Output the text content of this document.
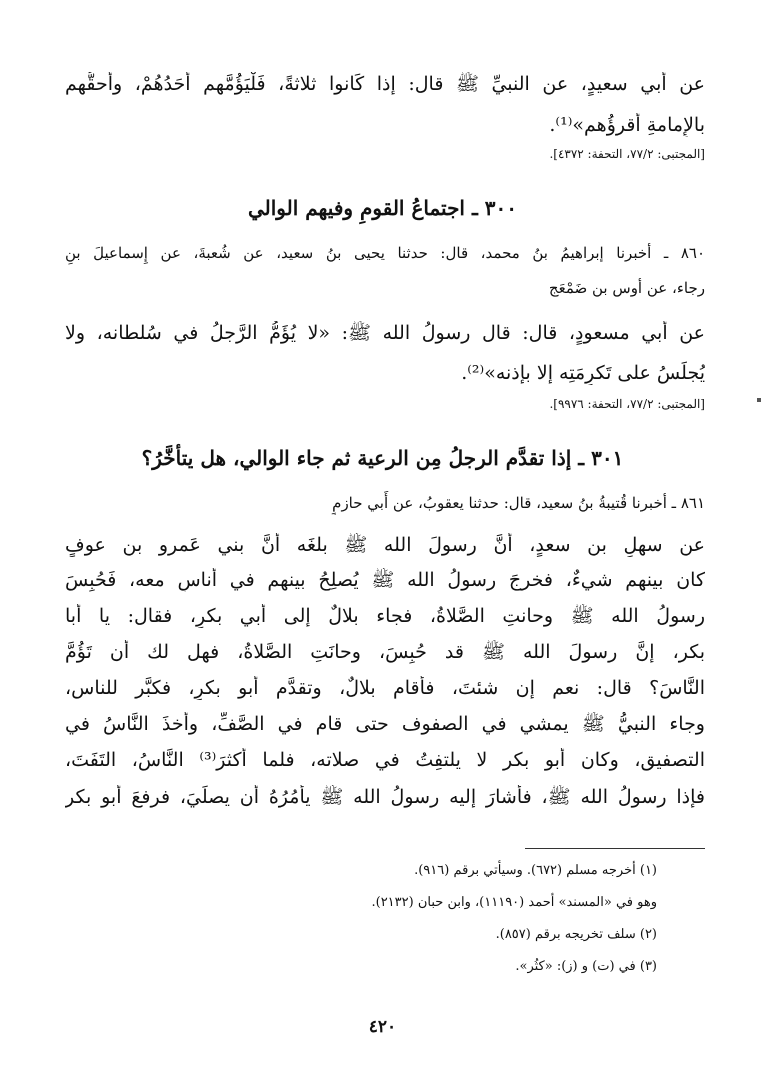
عن أَبي سعيدٍ، عن النبيِّ ﷺ قال: إذا كَانوا ثلاثةً، فَلْيَؤُمَّهم أَحَدُهُمْ، وأَحقُّهم
بالإِمامةِ أَقرؤُهم»⁽¹⁾.
[المجتبى: ٧٧/٢، التحفة: ٤٣٧٢].
٣٠٠ ـ اجتماعُ القومِ وفيهم الوالي
٨٦٠ ـ أخبرنا إبراهيمُ بنُ محمد، قال: حدثنا يحيى بنُ سعيد، عن شُعبةَ، عن إِسماعيلَ بنِ
رجاء، عن أوس بن ضَمْعَج
عن أَبي مسعودٍ، قال: قال رسولُ الله ﷺ: «لا يُؤَمُّ الرَّجلُ في سُلطانه، ولا
يُجلَسُ على تَكرِمَتِه إلا بإذنه»⁽²⁾.
[المجتبى: ٧٧/٢، التحفة: ٩٩٧٦].
٣٠١ ـ إذا تقدَّم الرجلُ مِن الرعية ثم جاء الوالي، هل يتأخَّرُ؟
٨٦١ ـ أخبرنا قُتيبةُ بنُ سعيد، قال: حدثنا يعقوبُ، عن أَبي حازمٍ
عن سهلِ بن سعدٍ، أَنَّ رسولَ الله ﷺ بلغَه أَنَّ بني عَمرو بنِ عوفٍ
كان بينهم شيءٌ، فخرجَ رسولُ الله ﷺ يُصلِحُ بينهم في أُناسٍ معه، فَحُبِسَ
رسولُ الله ﷺ وحانتِ الصَّلاةُ، فجاء بلالٌ إلى أَبي بكرٍ، فقال: يا أَبا
بكر، إنَّ رسولَ الله ﷺ قد حُبِسَ، وحانَتِ الصَّلاةُ، فهل لك أَن تَؤُمَّ
النَّاسَ؟ قال: نعم إن شئتَ، فأَقام بلالٌ، وتقدَّم أَبو بكرٍ، فكبَّر للناس،
وجاء النبيُّ ﷺ يمشي في الصفوف حتى قام في الصَّفِّ، وأَخذَ النَّاسُ في
التصفيق، وكان أَبو بكر لا يلتفِتُ في صلاته، فلما أَكثرَ⁽³⁾ النَّاسُ، التَفَتَ،
فإذا رسولُ الله ﷺ، فأَشارَ إليه رسولُ الله ﷺ يأمُرُهُ أَن يصلِّيَ، فرفعَ أَبو بكر
(١) أخرجه مسلم (٦٧٢). وسيأتي برقم (٩١٦).
وهو في «المسند» أحمد (١١١٩٠)، وابن حبان (٢١٣٢).
(٢) سلف تخريجه برقم (٨٥٧).
(٣) في (ت) و (ز): «كثُر».
٤٢٠
